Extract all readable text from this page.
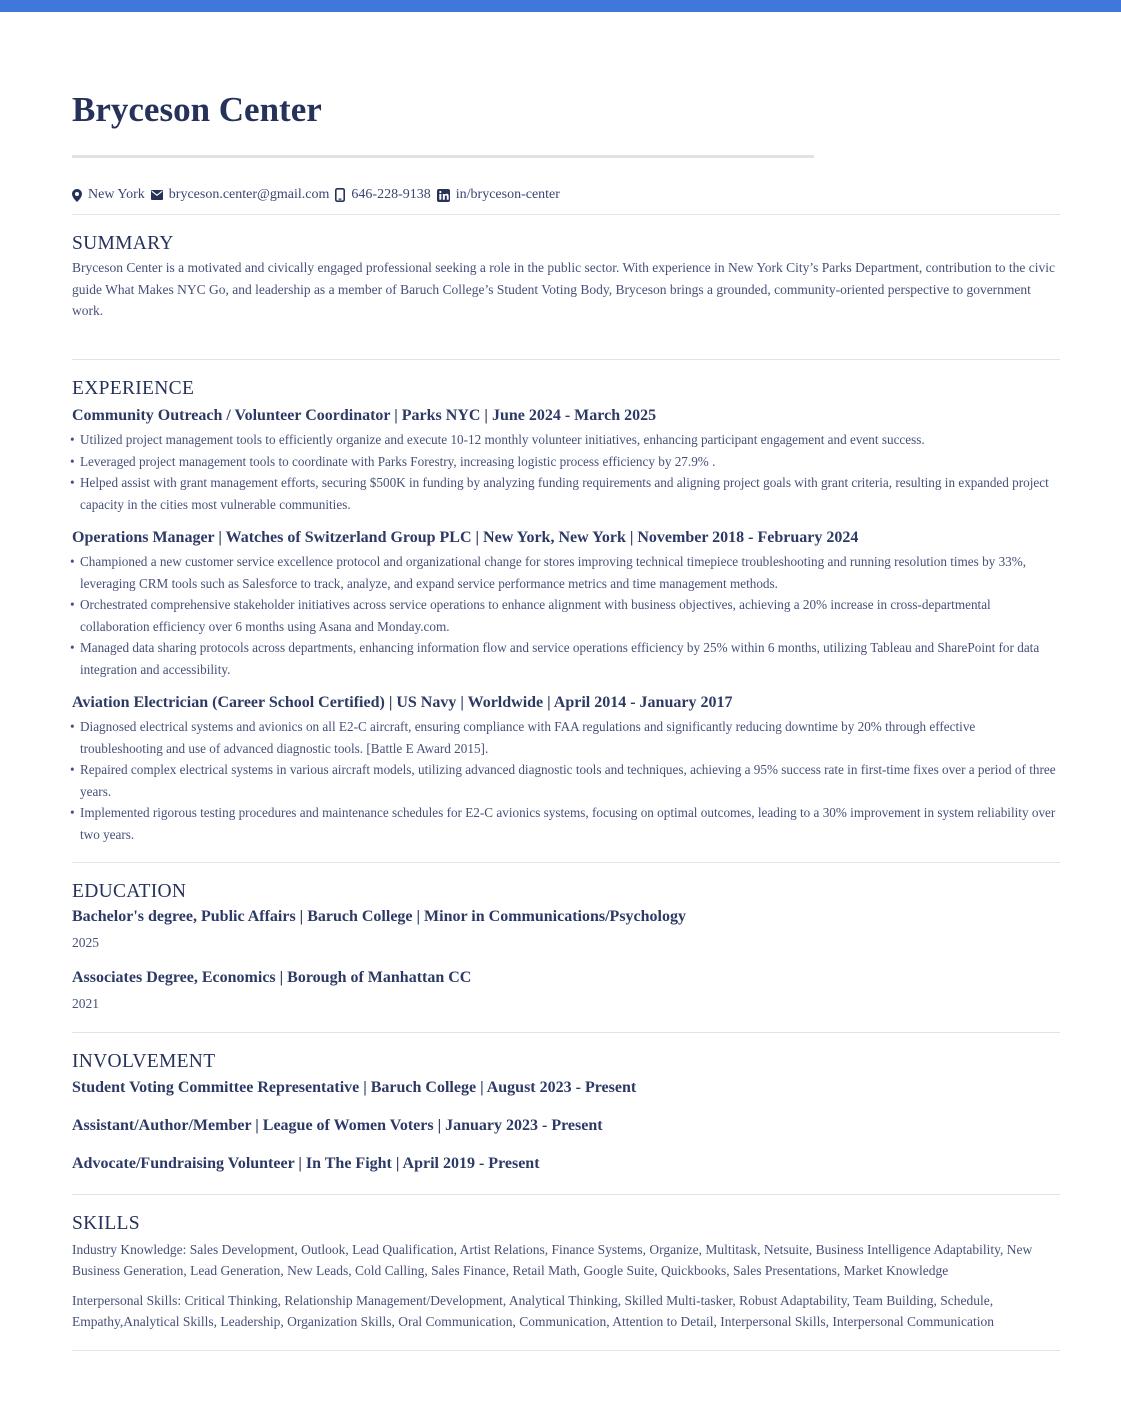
Bryceson Center
New York bryceson.center@gmail.com 646-228-9138 in/bryceson-center
SUMMARY

Bryceson Center is a motivated and civically engaged professional seeking a role in the public sector. With experience in New York City’s Parks Department, contribution to the civic guide What Makes NYC Go, and leadership as a member of Baruch College’s Student Voting Body, Bryceson brings a grounded, community-oriented perspective to government work.

EXPERIENCE

Community Outreach / Volunteer Coordinator | Parks NYC | June 2024 - March 2025

• Utilized project management tools to efficiently organize and execute 10-12 monthly volunteer initiatives, enhancing participant engagement and event success.
• Leveraged project management tools to coordinate with Parks Forestry, increasing logistic process efficiency by 27.9% .
• Helped assist with grant management efforts, securing $500K in funding by analyzing funding requirements and aligning project goals with grant criteria, resulting in expanded project capacity in the cities most vulnerable communities.

Operations Manager | Watches of Switzerland Group PLC | New York, New York | November 2018 - February 2024

• Championed a new customer service excellence protocol and organizational change for stores improving technical timepiece troubleshooting and running resolution times by 33%, leveraging CRM tools such as Salesforce to track, analyze, and expand service performance metrics and time management methods.
• Orchestrated comprehensive stakeholder initiatives across service operations to enhance alignment with business objectives, achieving a 20% increase in cross-departmental collaboration efficiency over 6 months using Asana and Monday.com.
• Managed data sharing protocols across departments, enhancing information flow and service operations efficiency by 25% within 6 months, utilizing Tableau and SharePoint for data integration and accessibility.

Aviation Electrician (Career School Certified) | US Navy | Worldwide | April 2014 - January 2017

• Diagnosed electrical systems and avionics on all E2-C aircraft, ensuring compliance with FAA regulations and significantly reducing downtime by 20% through effective troubleshooting and use of advanced diagnostic tools. [Battle E Award 2015].
• Repaired complex electrical systems in various aircraft models, utilizing advanced diagnostic tools and techniques, achieving a 95% success rate in first-time fixes over a period of three years.
• Implemented rigorous testing procedures and maintenance schedules for E2-C avionics systems, focusing on optimal outcomes, leading to a 30% improvement in system reliability over two years.
EDUCATION

Bachelor's degree, Public Affairs | Baruch College | Minor in Communications/Psychology

2025

Associates Degree, Economics | Borough of Manhattan CC

2021
INVOLVEMENT

Student Voting Committee Representative | Baruch College | August 2023 - Present

Assistant/Author/Member | League of Women Voters | January 2023 - Present

Advocate/Fundraising Volunteer | In The Fight | April 2019 - Present

SKILLS

Industry Knowledge: Sales Development, Outlook, Lead Qualification, Artist Relations, Finance Systems, Organize, Multitask, Netsuite, Business Intelligence Adaptability, New Business Generation, Lead Generation, New Leads, Cold Calling, Sales Finance, Retail Math, Google Suite, Quickbooks, Sales Presentations, Market Knowledge

Interpersonal Skills: Critical Thinking, Relationship Management/Development, Analytical Thinking, Skilled Multi-tasker, Robust Adaptability, Team Building, Schedule, Empathy,Analytical Skills, Leadership, Organization Skills, Oral Communication, Communication, Attention to Detail, Interpersonal Skills, Interpersonal Communication
